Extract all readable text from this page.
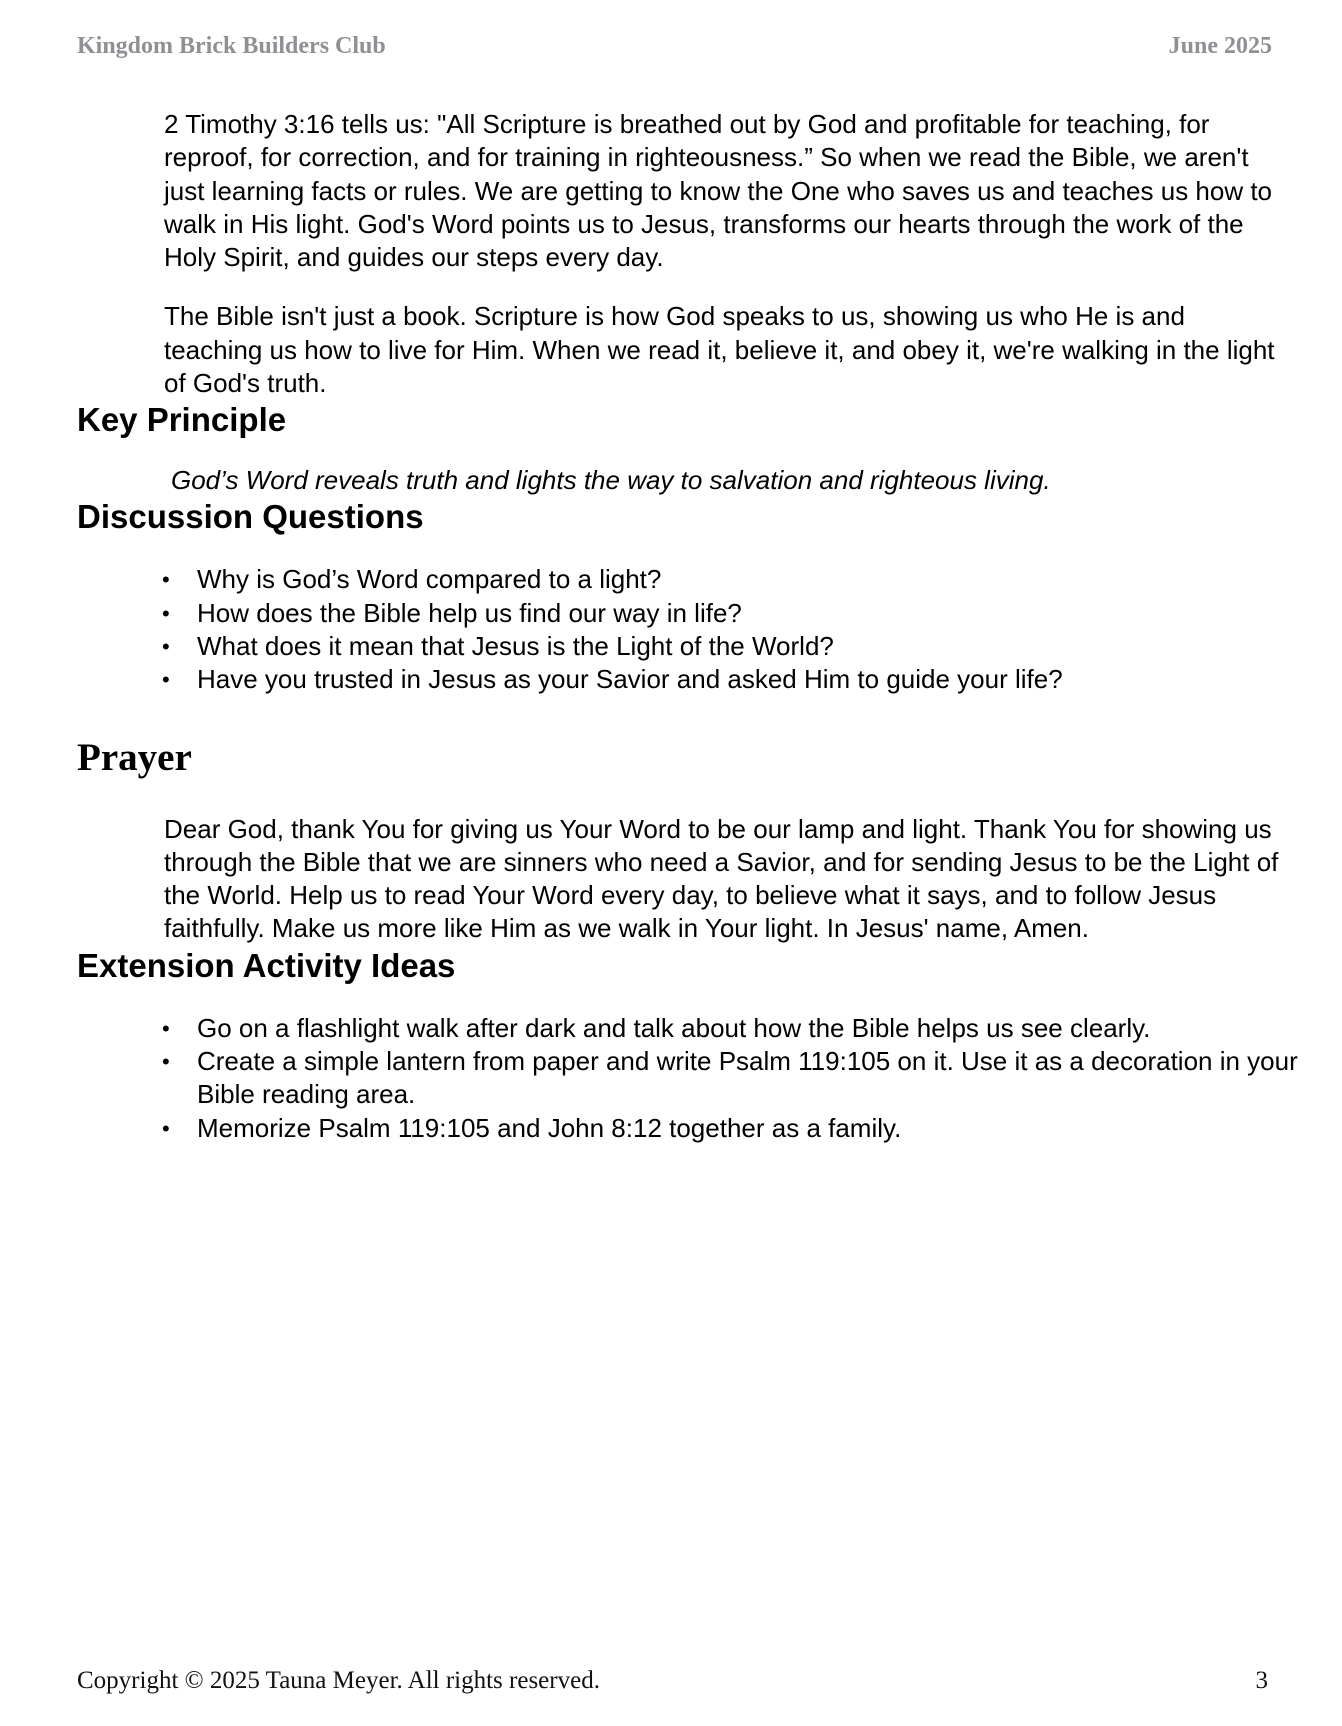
Kingdom Brick Builders Club	June 2025

2 Timothy 3:16 tells us: "All Scripture is breathed out by God and profitable for teaching, for reproof, for correction, and for training in righteousness.” So when we read the Bible, we aren't just learning facts or rules. We are getting to know the One who saves us and teaches us how to walk in His light. God's Word points us to Jesus, transforms our hearts through the work of the Holy Spirit, and guides our steps every day.

The Bible isn't just a book. Scripture is how God speaks to us, showing us who He is and teaching us how to live for Him. When we read it, believe it, and obey it, we're walking in the light of God's truth.

Key Principle

God’s Word reveals truth and lights the way to salvation and righteous living.

Discussion Questions
• Why is God’s Word compared to a light?
• How does the Bible help us find our way in life?
• What does it mean that Jesus is the Light of the World?
• Have you trusted in Jesus as your Savior and asked Him to guide your life?
Prayer

Dear God, thank You for giving us Your Word to be our lamp and light. Thank You for showing us through the Bible that we are sinners who need a Savior, and for sending Jesus to be the Light of the World. Help us to read Your Word every day, to believe what it says, and to follow Jesus faithfully. Make us more like Him as we walk in Your light. In Jesus' name, Amen.

Extension Activity Ideas
• Go on a flashlight walk after dark and talk about how the Bible helps us see clearly.
• Create a simple lantern from paper and write Psalm 119:105 on it. Use it as a decoration in your Bible reading area.
• Memorize Psalm 119:105 and John 8:12 together as a family.
Copyright © 2025 Tauna Meyer. All rights reserved.	3
